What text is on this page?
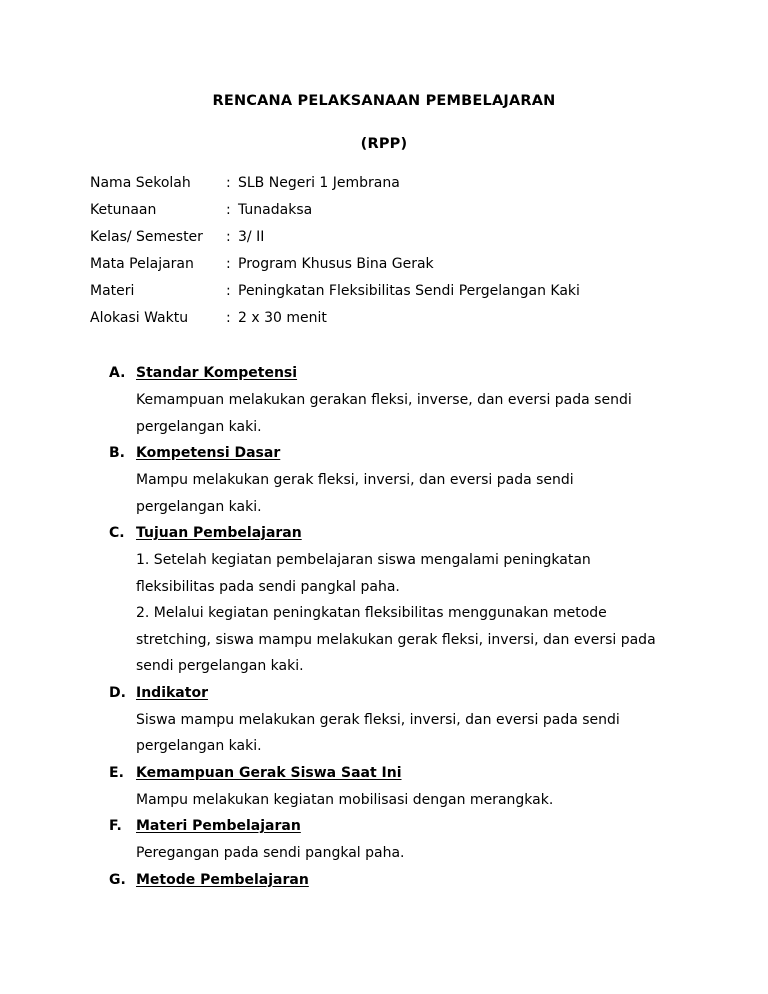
RENCANA PELAKSANAAN PEMBELAJARAN
(RPP)
Nama Sekolah	: SLB Negeri 1 Jembrana
Ketunaan	: Tunadaksa
Kelas/ Semester : 3/ II
Mata Pelajaran : Program Khusus Bina Gerak
Materi	: Peningkatan Fleksibilitas Sendi Pergelangan Kaki
Alokasi Waktu	: 2 x 30 menit
A. Standar Kompetensi
Kemampuan melakukan gerakan fleksi, inverse, dan eversi pada sendi
pergelangan kaki.
B. Kompetensi Dasar
Mampu melakukan gerak fleksi, inversi, dan eversi pada sendi
pergelangan kaki.
C. Tujuan Pembelajaran
1. Setelah kegiatan pembelajaran siswa mengalami peningkatan
fleksibilitas pada sendi pangkal paha.
2. Melalui kegiatan peningkatan fleksibilitas menggunakan metode
stretching, siswa mampu melakukan gerak fleksi, inversi, dan eversi pada
sendi pergelangan kaki.
D. Indikator
Siswa mampu melakukan gerak fleksi, inversi, dan eversi pada sendi
pergelangan kaki.
E. Kemampuan Gerak Siswa Saat Ini
Mampu melakukan kegiatan mobilisasi dengan merangkak.
F. Materi Pembelajaran
Peregangan pada sendi pangkal paha.
G. Metode Pembelajaran
